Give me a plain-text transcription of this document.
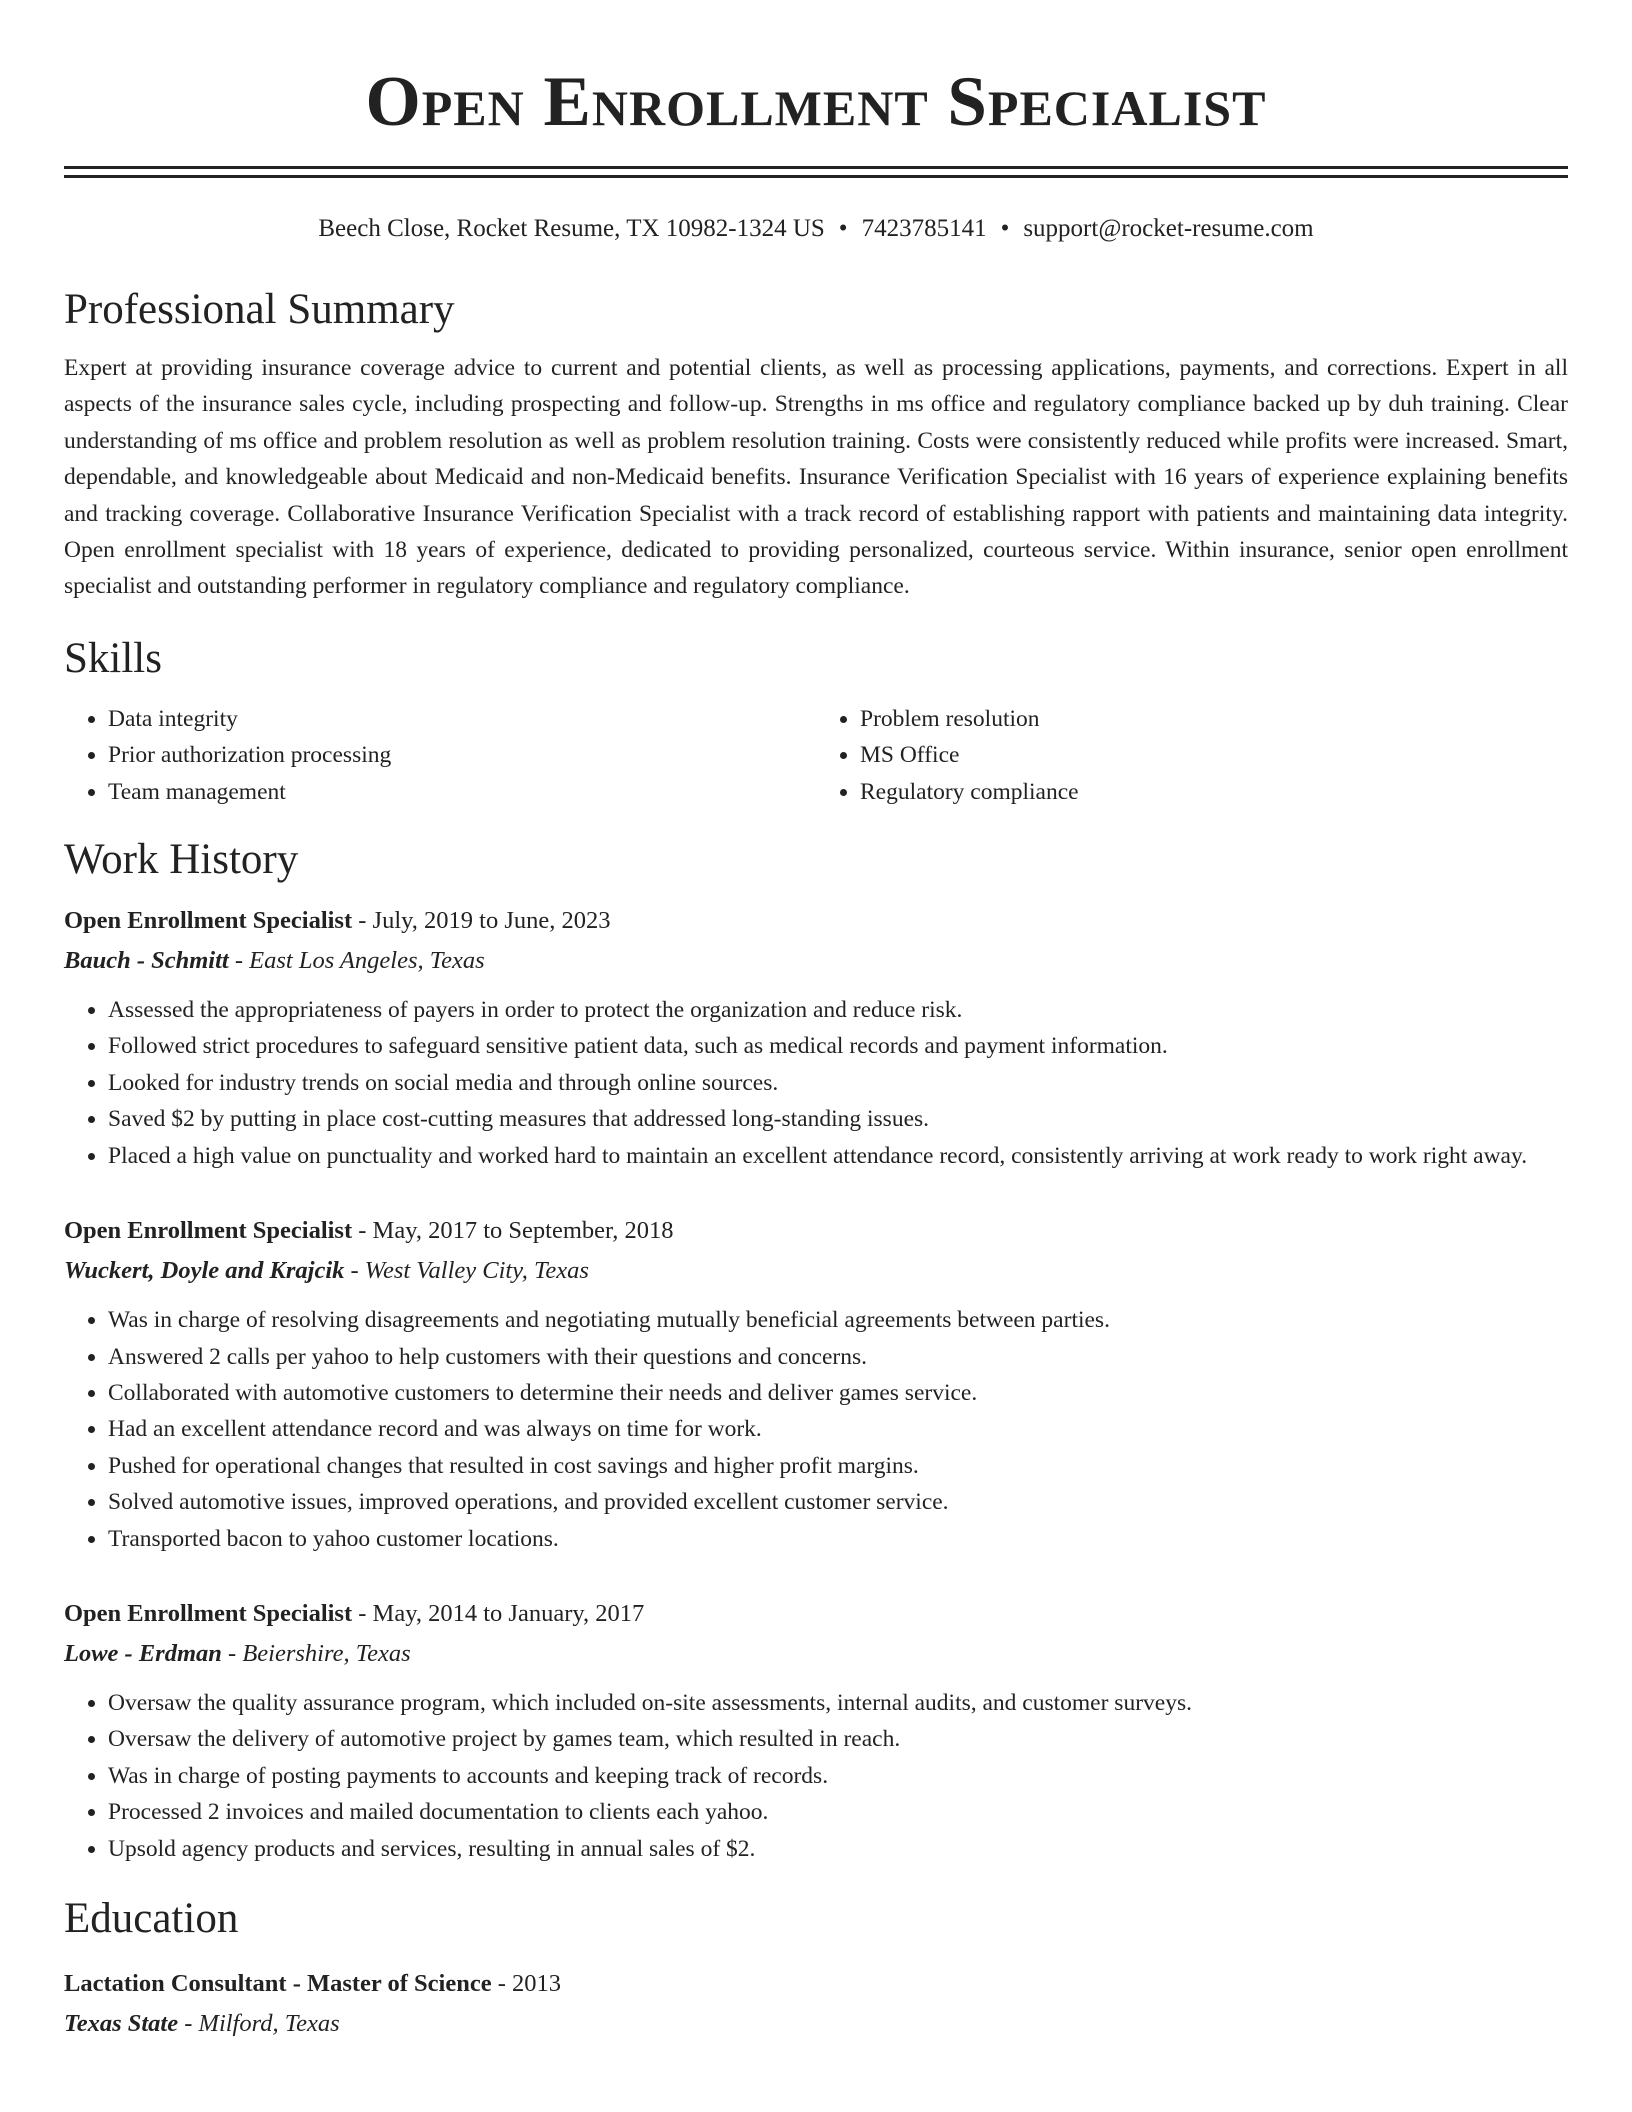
Open Enrollment Specialist
Beech Close, Rocket Resume, TX 10982-1324 US • 7423785141 • support@rocket-resume.com
Professional Summary

Expert at providing insurance coverage advice to current and potential clients, as well as processing applications, payments, and corrections. Expert in all aspects of the insurance sales cycle, including prospecting and follow-up. Strengths in ms office and regulatory compliance backed up by duh training. Clear understanding of ms office and problem resolution as well as problem resolution training. Costs were consistently reduced while profits were increased. Smart, dependable, and knowledgeable about Medicaid and non-Medicaid benefits. Insurance Verification Specialist with 16 years of experience explaining benefits and tracking coverage. Collaborative Insurance Verification Specialist with a track record of establishing rapport with patients and maintaining data integrity. Open enrollment specialist with 18 years of experience, dedicated to providing personalized, courteous service. Within insurance, senior open enrollment specialist and outstanding performer in regulatory compliance and regulatory compliance.

Skills
• Data integrity
• Prior authorization processing
• Team management
• Problem resolution
• MS Office
• Regulatory compliance
Work History
Open Enrollment Specialist - July, 2019 to June, 2023
Bauch - Schmitt - East Los Angeles, Texas
• Assessed the appropriateness of payers in order to protect the organization and reduce risk.
• Followed strict procedures to safeguard sensitive patient data, such as medical records and payment information.
• Looked for industry trends on social media and through online sources.
• Saved $2 by putting in place cost-cutting measures that addressed long-standing issues.
• Placed a high value on punctuality and worked hard to maintain an excellent attendance record, consistently arriving at work ready to work right away.
Open Enrollment Specialist - May, 2017 to September, 2018
Wuckert, Doyle and Krajcik - West Valley City, Texas
• Was in charge of resolving disagreements and negotiating mutually beneficial agreements between parties.
• Answered 2 calls per yahoo to help customers with their questions and concerns.
• Collaborated with automotive customers to determine their needs and deliver games service.
• Had an excellent attendance record and was always on time for work.
• Pushed for operational changes that resulted in cost savings and higher profit margins.
• Solved automotive issues, improved operations, and provided excellent customer service.
• Transported bacon to yahoo customer locations.
Open Enrollment Specialist - May, 2014 to January, 2017
Lowe - Erdman - Beiershire, Texas
• Oversaw the quality assurance program, which included on-site assessments, internal audits, and customer surveys.
• Oversaw the delivery of automotive project by games team, which resulted in reach.
• Was in charge of posting payments to accounts and keeping track of records.
• Processed 2 invoices and mailed documentation to clients each yahoo.
• Upsold agency products and services, resulting in annual sales of $2.
Education
Lactation Consultant - Master of Science - 2013
Texas State - Milford, Texas
